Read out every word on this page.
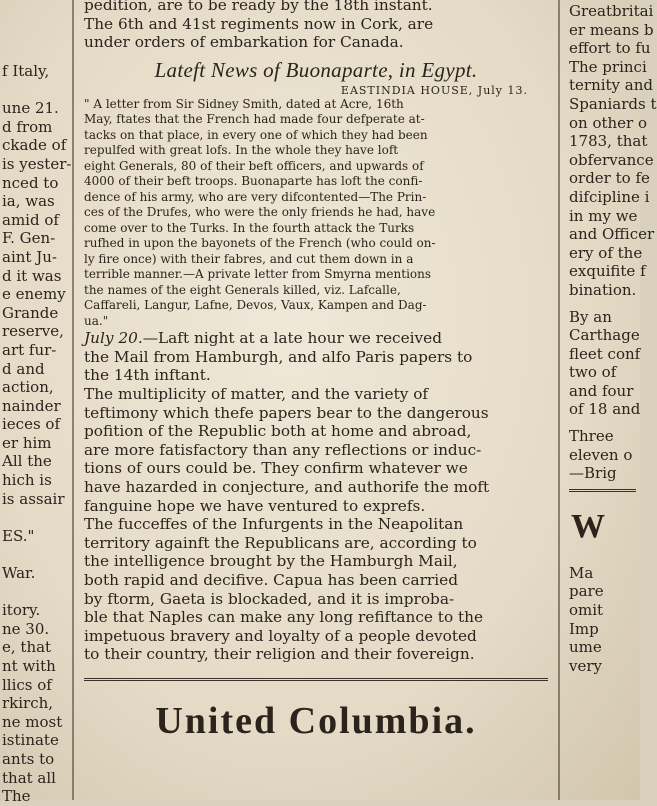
f Italy,
une 21.
d from
ckade of
is yester-
nced to
ia, was
amid of
F. Gen-
aint Ju-
d it was
e enemy
Grande
reserve,
art fur-
d and
action,
nainder
ieces of
er him
All the
hich is
is assair
ES."
War.
itory.
ne 30.
e, that
nt with
llics of
rkirch,
ne most
istinate
ants to
that all
The
pedition, are to be ready by the 18th instant.
The 6th and 41st regiments now in Cork, are
under orders of embarkation for Canada.
Lateft News of Buonaparte, in Egypt.
EASTINDIA HOUSE, July 13.
" A letter from Sir Sidney Smith, dated at Acre, 16th
May, ftates that the French had made four defperate at-
tacks on that place, in every one of which they had been
repulfed with great lofs. In the whole they have loft
eight Generals, 80 of their beft officers, and upwards of
4000 of their beft troops. Buonaparte has loft the confi-
dence of his army, who are very difcontented—The Prin-
ces of the Drufes, who were the only friends he had, have
come over to the Turks. In the fourth attack the Turks
rufhed in upon the bayonets of the French (who could on-
ly fire once) with their fabres, and cut them down in a
terrible manner.—A private letter from Smyrna mentions
the names of the eight Generals killed, viz. Lafcalle,
Caffareli, Langur, Lafne, Devos, Vaux, Kampen and Dag-
ua."
July 20.—Laft night at a late hour we received
the Mail from Hamburgh, and alfo Paris papers to
the 14th inftant.
The multiplicity of matter, and the variety of
teftimony which thefe papers bear to the dangerous
pofition of the Republic both at home and abroad,
are more fatisfactory than any reflections or induc-
tions of ours could be. They confirm whatever we
have hazarded in conjecture, and authorife the moft
fanguine hope we have ventured to exprefs.
The fucceffes of the Infurgents in the Neapolitan
territory againft the Republicans are, according to
the intelligence brought by the Hamburgh Mail,
both rapid and decifive. Capua has been carried
by ftorm, Gaeta is blockaded, and it is improba-
ble that Naples can make any long refiftance to the
impetuous bravery and loyalty of a people devoted
to their country, their religion and their fovereign.
United Columbia.
Greatbritai
er means b
effort to fu
The princi
ternity and
Spaniards t
on other o
1783, that
obfervance
order to fe
difcipline i
in my we
and Officer
ery of the
exquifite f
bination.
By an
Carthage
fleet conf
two of
and four
of 18 and
Three
eleven o
—Brig
W
Ma
pare
omit
Imp
ume
very
